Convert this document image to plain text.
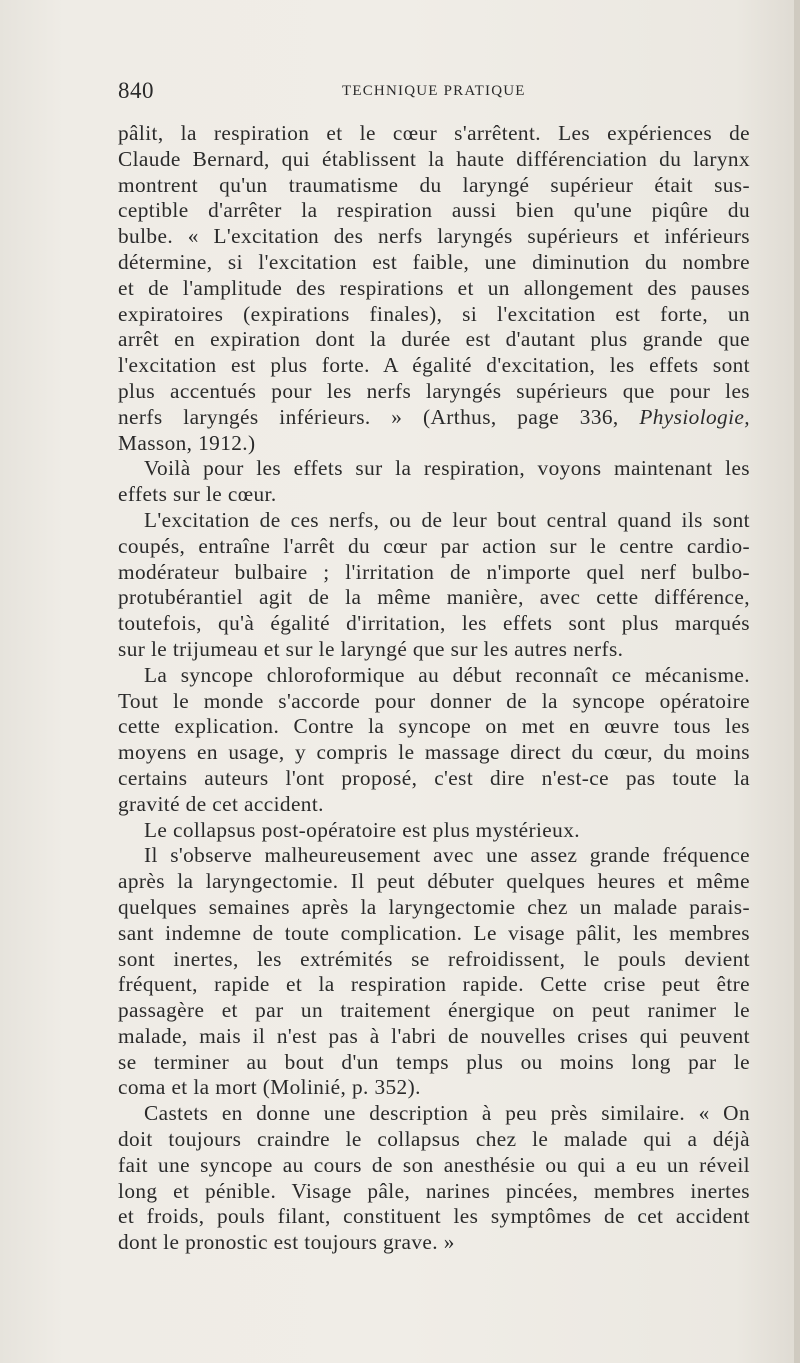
840	TECHNIQUE PRATIQUE

pâlit, la respiration et le cœur s'arrêtent. Les expériences de
Claude Bernard, qui établissent la haute différenciation du larynx
montrent qu'un traumatisme du laryngé supérieur était sus-
ceptible d'arrêter la respiration aussi bien qu'une piqûre du
bulbe. « L'excitation des nerfs laryngés supérieurs et inférieurs
détermine, si l'excitation est faible, une diminution du nombre
et de l'amplitude des respirations et un allongement des pauses
expiratoires (expirations finales), si l'excitation est forte, un
arrêt en expiration dont la durée est d'autant plus grande que
l'excitation est plus forte. A égalité d'excitation, les effets sont
plus accentués pour les nerfs laryngés supérieurs que pour les
nerfs laryngés inférieurs. » (Arthus, page 336, Physiologie,
Masson, 1912.)

Voilà pour les effets sur la respiration, voyons maintenant les
effets sur le cœur.

L'excitation de ces nerfs, ou de leur bout central quand ils sont
coupés, entraîne l'arrêt du cœur par action sur le centre cardio-
modérateur bulbaire ; l'irritation de n'importe quel nerf bulbo-
protubérantiel agit de la même manière, avec cette différence,
toutefois, qu'à égalité d'irritation, les effets sont plus marqués
sur le trijumeau et sur le laryngé que sur les autres nerfs.

La syncope chloroformique au début reconnaît ce mécanisme.
Tout le monde s'accorde pour donner de la syncope opératoire
cette explication. Contre la syncope on met en œuvre tous les
moyens en usage, y compris le massage direct du cœur, du moins
certains auteurs l'ont proposé, c'est dire n'est-ce pas toute la
gravité de cet accident.

Le collapsus post-opératoire est plus mystérieux.

Il s'observe malheureusement avec une assez grande fréquence
après la laryngectomie. Il peut débuter quelques heures et même
quelques semaines après la laryngectomie chez un malade parais-
sant indemne de toute complication. Le visage pâlit, les membres
sont inertes, les extrémités se refroidissent, le pouls devient
fréquent, rapide et la respiration rapide. Cette crise peut être
passagère et par un traitement énergique on peut ranimer le
malade, mais il n'est pas à l'abri de nouvelles crises qui peuvent
se terminer au bout d'un temps plus ou moins long par le
coma et la mort (Molinié, p. 352).

Castets en donne une description à peu près similaire. « On
doit toujours craindre le collapsus chez le malade qui a déjà
fait une syncope au cours de son anesthésie ou qui a eu un réveil
long et pénible. Visage pâle, narines pincées, membres inertes
et froids, pouls filant, constituent les symptômes de cet accident
dont le pronostic est toujours grave. »
